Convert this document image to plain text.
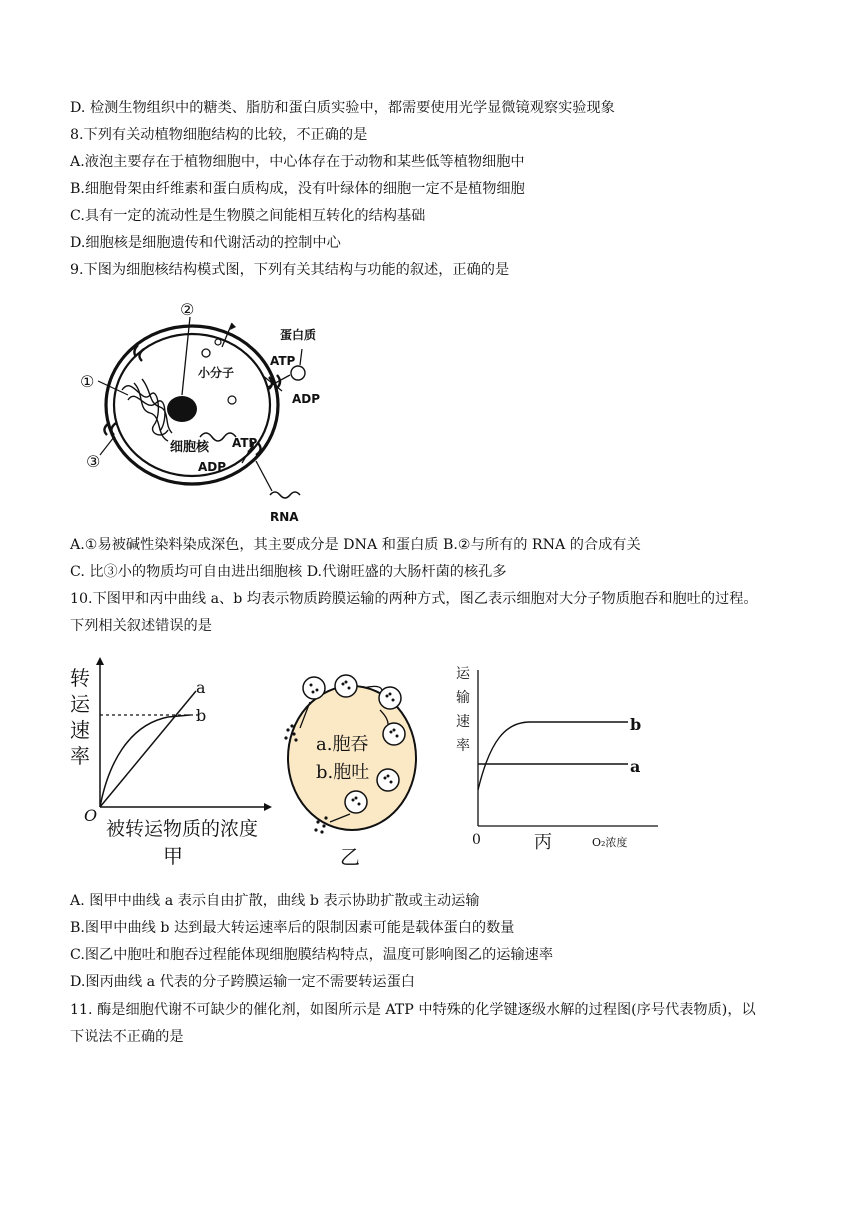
D. 检测生物组织中的糖类、脂肪和蛋白质实验中，都需要使用光学显微镜观察实验现象
8.下列有关动植物细胞结构的比较，不正确的是
A.液泡主要存在于植物细胞中，中心体存在于动物和某些低等植物细胞中
B.细胞骨架由纤维素和蛋白质构成，没有叶绿体的细胞一定不是植物细胞
C.具有一定的流动性是生物膜之间能相互转化的结构基础
D.细胞核是细胞遗传和代谢活动的控制中心
9.下图为细胞核结构模式图，下列有关其结构与功能的叙述，正确的是
①
②
③
蛋白质
ATP
小分子
ADP
细胞核 ATP
ADP
RNA
A.①易被碱性染料染成深色，其主要成分是 DNA 和蛋白质 B.②与所有的 RNA 的合成有关
C. 比③小的物质均可自由进出细胞核 D.代谢旺盛的大肠杆菌的核孔多
10.下图甲和丙中曲线 a、b 均表示物质跨膜运输的两种方式，图乙表示细胞对大分子物质胞吞和胞吐的过程。
下列相关叙述错误的是
转运速率
a
b
O
被转运物质的浓度
甲
a.胞吞
b.胞吐
乙
运输速率
b
a
0	丙	O₂浓度
A. 图甲中曲线 a 表示自由扩散，曲线 b 表示协助扩散或主动运输
B.图甲中曲线 b 达到最大转运速率后的限制因素可能是载体蛋白的数量
C.图乙中胞吐和胞吞过程能体现细胞膜结构特点，温度可影响图乙的运输速率
D.图丙曲线 a 代表的分子跨膜运输一定不需要转运蛋白
11. 酶是细胞代谢不可缺少的催化剂，如图所示是 ATP 中特殊的化学键逐级水解的过程图(序号代表物质)，以
下说法不正确的是
